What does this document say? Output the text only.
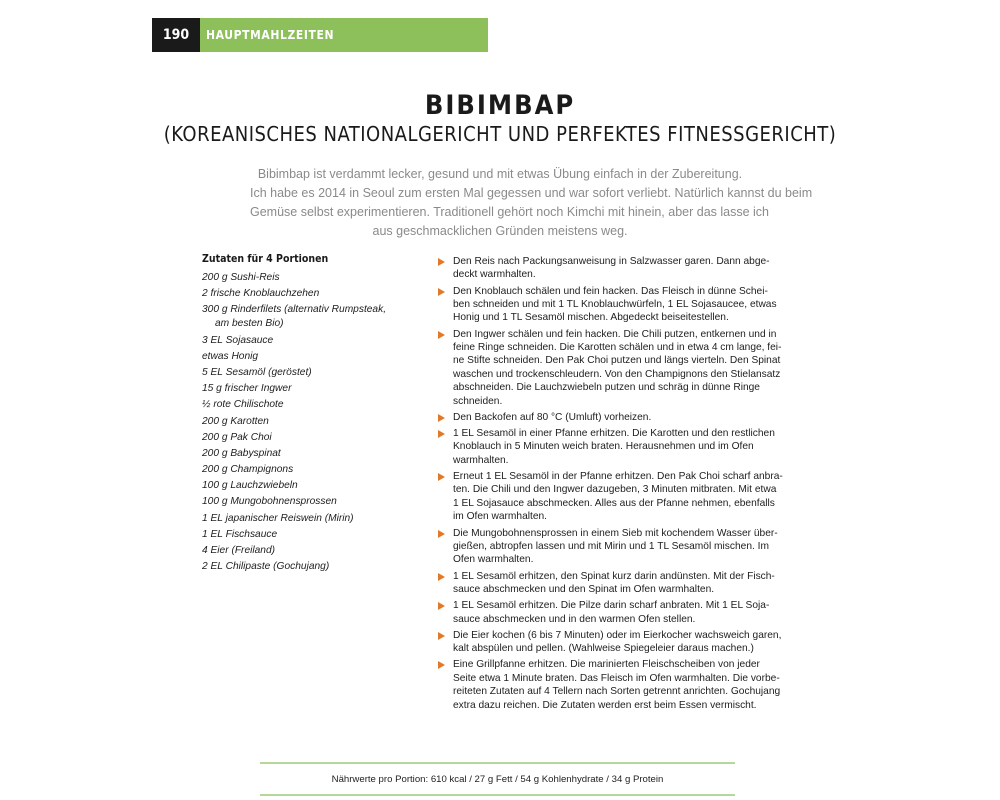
190	HAUPTMAHLZEITEN
BIBIMBAP
(KOREANISCHES NATIONALGERICHT UND PERFEKTES FITNESSGERICHT)
Bibimbap ist verdammt lecker, gesund und mit etwas Übung einfach in der Zubereitung.
Ich habe es 2014 in Seoul zum ersten Mal gegessen und war sofort verliebt. Natürlich kannst du beim
Gemüse selbst experimentieren. Traditionell gehört noch Kimchi mit hinein, aber das lasse ich
aus geschmacklichen Gründen meistens weg.
Zutaten für 4 Portionen
200 g Sushi-Reis
2 frische Knoblauchzehen
300 g Rinderfilets (alternativ Rumpsteak, am besten Bio)
3 EL Sojasauce
etwas Honig
5 EL Sesamöl (geröstet)
15 g frischer Ingwer
½ rote Chilischote
200 g Karotten
200 g Pak Choi
200 g Babyspinat
200 g Champignons
100 g Lauchzwiebeln
100 g Mungobohnensprossen
1 EL japanischer Reiswein (Mirin)
1 EL Fischsauce
4 Eier (Freiland)
2 EL Chilipaste (Gochujang)
Den Reis nach Packungsanweisung in Salzwasser garen. Dann abge-
deckt warmhalten.
Den Knoblauch schälen und fein hacken. Das Fleisch in dünne Schei-
ben schneiden und mit 1 TL Knoblauchwürfeln, 1 EL Sojasaucee, etwas
Honig und 1 TL Sesamöl mischen. Abgedeckt beiseitestellen.
Den Ingwer schälen und fein hacken. Die Chili putzen, entkernen und in
feine Ringe schneiden. Die Karotten schälen und in etwa 4 cm lange, fei-
ne Stifte schneiden. Den Pak Choi putzen und längs vierteln. Den Spinat
waschen und trockenschleudern. Von den Champignons den Stielansatz
abschneiden. Die Lauchzwiebeln putzen und schräg in dünne Ringe
schneiden.
Den Backofen auf 80 °C (Umluft) vorheizen.
1 EL Sesamöl in einer Pfanne erhitzen. Die Karotten und den restlichen
Knoblauch in 5 Minuten weich braten. Herausnehmen und im Ofen
warmhalten.
Erneut 1 EL Sesamöl in der Pfanne erhitzen. Den Pak Choi scharf anbra-
ten. Die Chili und den Ingwer dazugeben, 3 Minuten mitbraten. Mit etwa
1 EL Sojasauce abschmecken. Alles aus der Pfanne nehmen, ebenfalls
im Ofen warmhalten.
Die Mungobohnensprossen in einem Sieb mit kochendem Wasser über-
gießen, abtropfen lassen und mit Mirin und 1 TL Sesamöl mischen. Im
Ofen warmhalten.
1 EL Sesamöl erhitzen, den Spinat kurz darin andünsten. Mit der Fisch-
sauce abschmecken und den Spinat im Ofen warmhalten.
1 EL Sesamöl erhitzen. Die Pilze darin scharf anbraten. Mit 1 EL Soja-
sauce abschmecken und in den warmen Ofen stellen.
Die Eier kochen (6 bis 7 Minuten) oder im Eierkocher wachsweich garen,
kalt abspülen und pellen. (Wahlweise Spiegeleier daraus machen.)
Eine Grillpfanne erhitzen. Die marinierten Fleischscheiben von jeder
Seite etwa 1 Minute braten. Das Fleisch im Ofen warmhalten. Die vorbe-
reiteten Zutaten auf 4 Tellern nach Sorten getrennt anrichten. Gochujang
extra dazu reichen. Die Zutaten werden erst beim Essen vermischt.
Nährwerte pro Portion: 610 kcal / 27 g Fett / 54 g Kohlenhydrate / 34 g Protein
